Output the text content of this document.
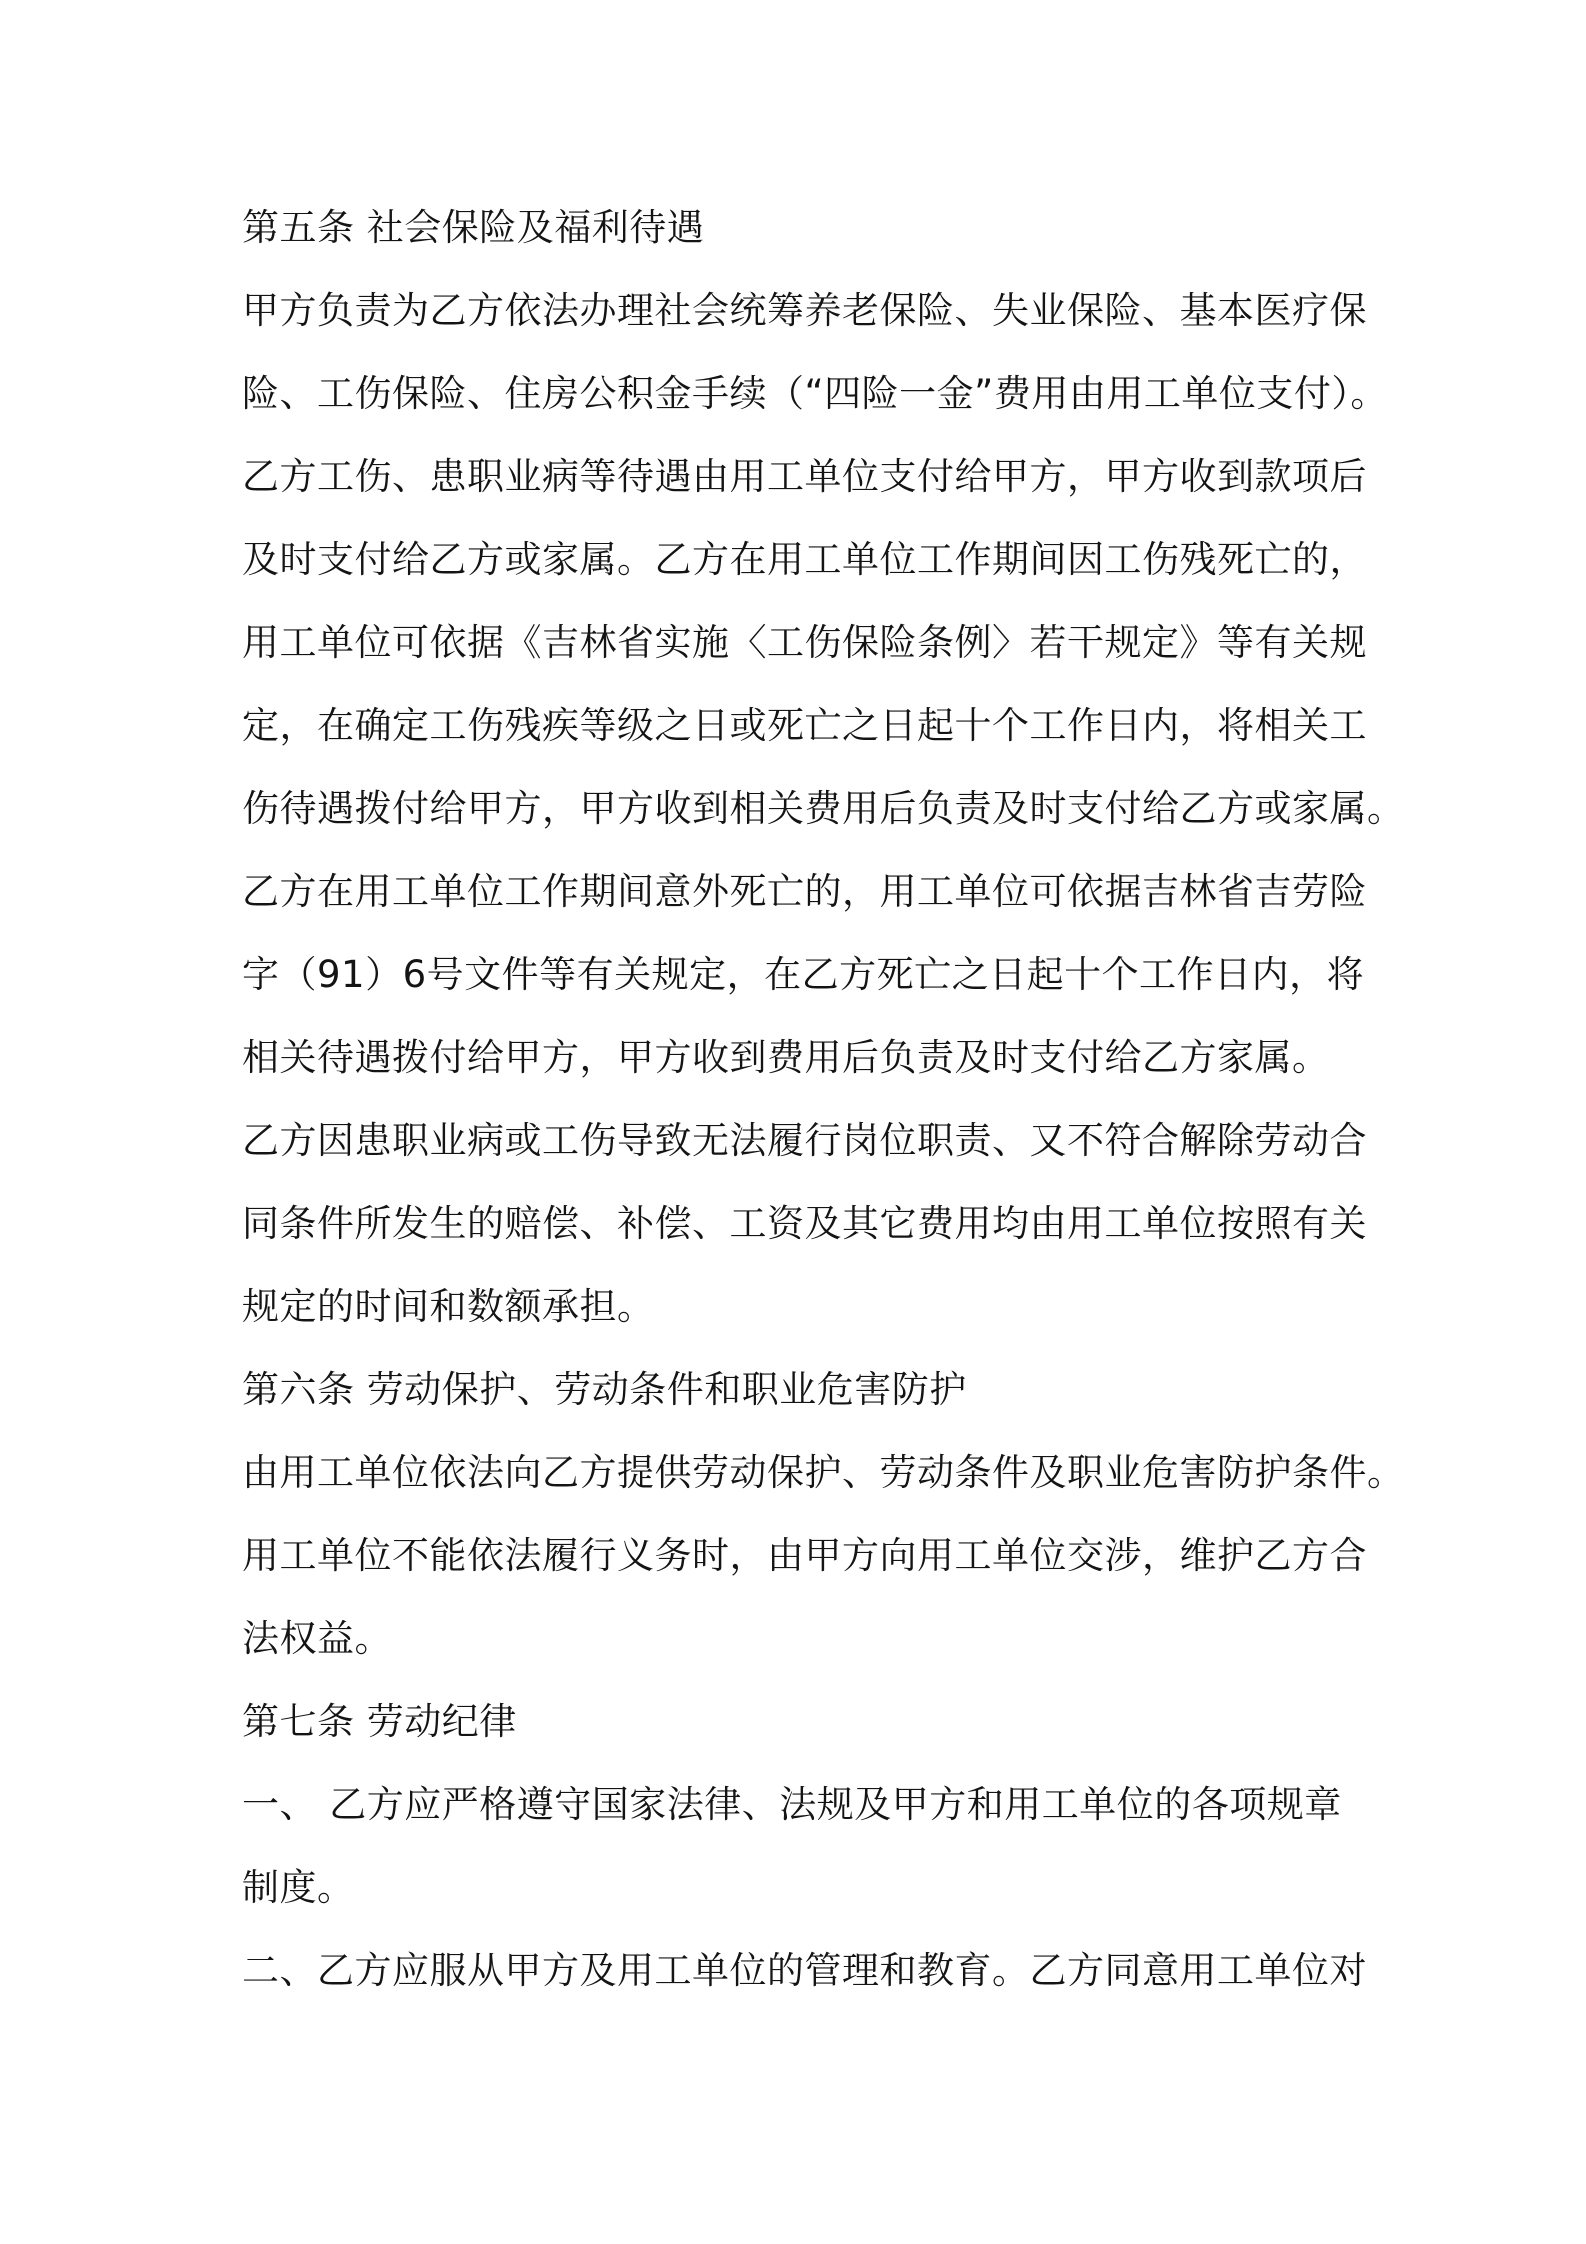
第五条 社会保险及福利待遇
甲方负责为乙方依法办理社会统筹养老保险、失业保险、基本医疗保
险、工伤保险、住房公积金手续（“四险一金”费用由用工单位支付）。
乙方工伤、患职业病等待遇由用工单位支付给甲方，甲方收到款项后
及时支付给乙方或家属。乙方在用工单位工作期间因工伤残死亡的，
用工单位可依据《吉林省实施〈工伤保险条例〉若干规定》等有关规
定，在确定工伤残疾等级之日或死亡之日起十个工作日内，将相关工
伤待遇拨付给甲方，甲方收到相关费用后负责及时支付给乙方或家属。
乙方在用工单位工作期间意外死亡的，用工单位可依据吉林省吉劳险
字（91）6号文件等有关规定，在乙方死亡之日起十个工作日内，将
相关待遇拨付给甲方，甲方收到费用后负责及时支付给乙方家属。
乙方因患职业病或工伤导致无法履行岗位职责、又不符合解除劳动合
同条件所发生的赔偿、补偿、工资及其它费用均由用工单位按照有关
规定的时间和数额承担。
第六条 劳动保护、劳动条件和职业危害防护
由用工单位依法向乙方提供劳动保护、劳动条件及职业危害防护条件。
用工单位不能依法履行义务时，由甲方向用工单位交涉，维护乙方合
法权益。
第七条 劳动纪律
一、 乙方应严格遵守国家法律、法规及甲方和用工单位的各项规章
制度。
二、乙方应服从甲方及用工单位的管理和教育。乙方同意用工单位对
